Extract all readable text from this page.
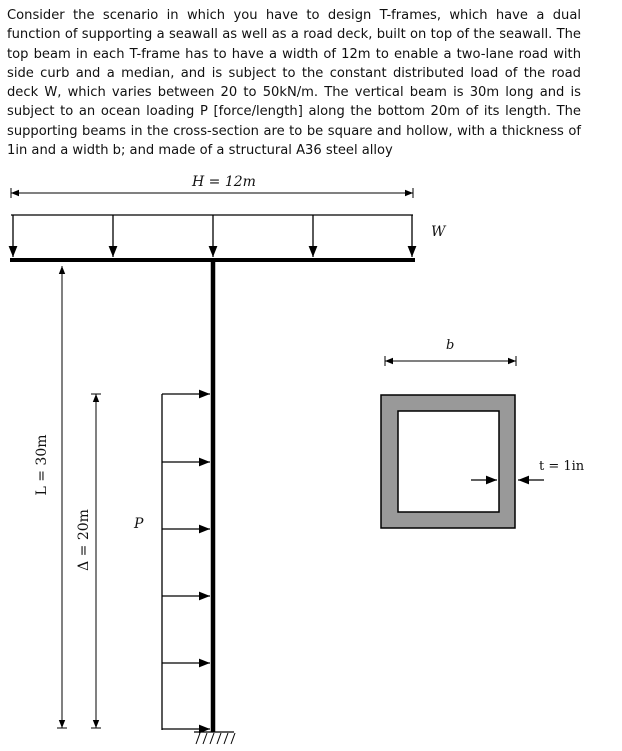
Consider the scenario in which you have to design T-frames, which have a dual function of supporting a seawall as well as a road deck, built on top of the seawall. The top beam in each T-frame has to have a width of 12m to enable a two-lane road with side curb and a median, and is subject to the constant distributed load of the road deck W, which varies between 20 to 50kN/m. The vertical beam is 30m long and is subject to an ocean loading P [force/length] along the bottom 20m of its length. The supporting beams in the cross-section are to be square and hollow, with a thickness of 1in and a width b; and made of a structural A36 steel alloy

H = 12m
W
L = 30m
Δ = 20m	P
b
t = 1in
